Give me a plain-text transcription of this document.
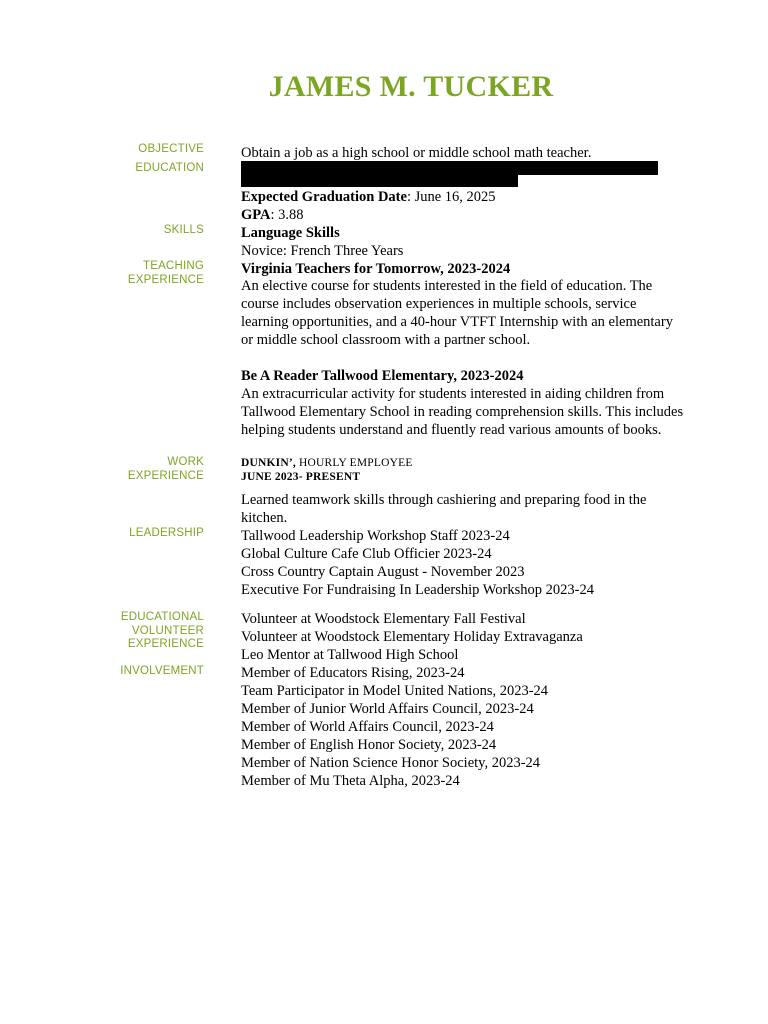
JAMES M. TUCKER
OBJECTIVE
EDUCATION
SKILLS
TEACHING
EXPERIENCE
WORK
EXPERIENCE
LEADERSHIP
EDUCATIONAL
VOLUNTEER
EXPERIENCE
INVOLVEMENT
Obtain a job as a high school or middle school math teacher.
Expected Graduation Date: June 16, 2025
GPA: 3.88
Language Skills
Novice: French Three Years
Virginia Teachers for Tomorrow, 2023-2024
An elective course for students interested in the field of education. The course includes observation experiences in multiple schools, service learning opportunities, and a 40-hour VTFT Internship with an elementary or middle school classroom with a partner school.
Be A Reader Tallwood Elementary, 2023-2024
An extracurricular activity for students interested in aiding children from Tallwood Elementary School in reading comprehension skills. This includes helping students understand and fluently read various amounts of books.
DUNKIN’, HOURLY EMPLOYEE
JUNE 2023- PRESENT
Learned teamwork skills through cashiering and preparing food in the kitchen.
Tallwood Leadership Workshop Staff 2023-24
Global Culture Cafe Club Officier 2023-24
Cross Country Captain August - November 2023
Executive For Fundraising In Leadership Workshop 2023-24
Volunteer at Woodstock Elementary Fall Festival
Volunteer at Woodstock Elementary Holiday Extravaganza
Leo Mentor at Tallwood High School
Member of Educators Rising, 2023-24
Team Participator in Model United Nations, 2023-24
Member of Junior World Affairs Council, 2023-24
Member of World Affairs Council, 2023-24
Member of English Honor Society, 2023-24
Member of Nation Science Honor Society, 2023-24
Member of Mu Theta Alpha, 2023-24
